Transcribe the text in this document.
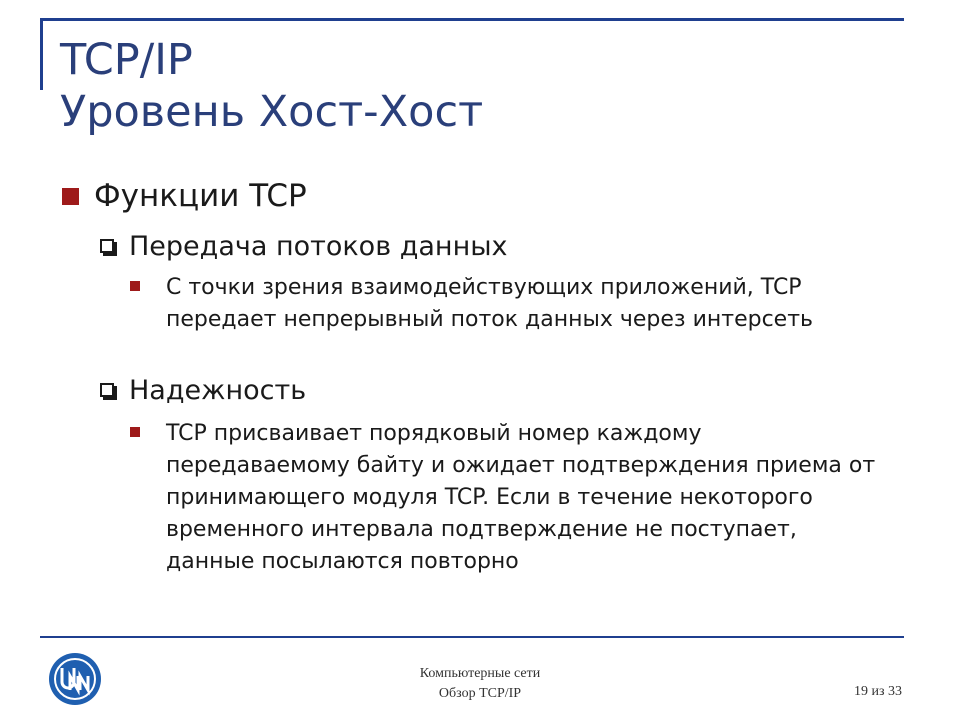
TCP/IP
Уровень Хост-Хост
Функции TCP
Передача потоков данных
С точки зрения взаимодействующих приложений, TCP передает непрерывный поток данных через интерсеть
Надежность
TCP присваивает порядковый номер каждому передаваемому байту и ожидает подтверждения приема от принимающего модуля TCP. Если в течение некоторого временного интервала подтверждение не поступает, данные посылаются повторно
Компьютерные сети
Обзор TCP/IP	19 из 33
